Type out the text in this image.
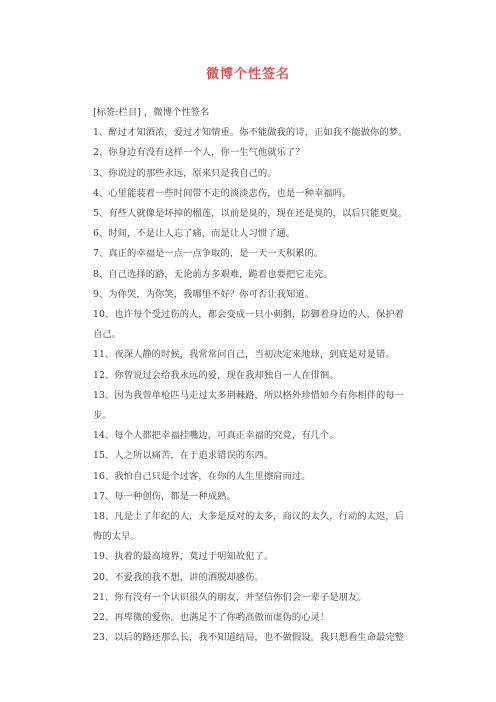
微博个性签名

[标签:栏目] ，微博个性签名

1、醉过才知酒浓，爱过才知情重。你不能做我的诗，正如我不能做你的梦。

2、你身边有没有这样一个人，你一生气他就乐了？

3、你说过的那些永远，原来只是我自己的。

4、心里能装着一些时间带不走的淡淡悲伤，也是一种幸福吗。

5、有些人就像是坏掉的榴莲，以前是臭的，现在还是臭的，以后只能更臭。

6、时间，不是让人忘了痛，而是让人习惯了通。

7、真正的幸福是一点一点争取的，是一天一天积累的。

8、自己选择的路，无论前方多艰难，跪着也要把它走完。

9、为你哭，为你笑，我哪里不好？你可否让我知道。

10、也许每个受过伤的人，都会变成一只小刺猬，防御着身边的人，保护着自己。

11、夜深人静的时候，我常常问自己，当初决定来地球，到底是对是错。

12、你曾说过会给我永远的爱，现在我却独自一人在徘徊。

13、因为我曾单枪匹马走过太多荆棘路，所以格外珍惜如今有你相伴的每一步。

14、每个人都把幸福挂嘴边，可真正幸福的究竟，有几个。

15、人之所以痛苦，在于追求错误的东西。

16、我怕自己只是个过客，在你的人生里擦肩而过。

17、每一种创伤，都是一种成熟。

18、凡是上了年纪的人，大多是反对的太多，商议的太久，行动的太迟，后悔的太早。

19、执着的最高境界，莫过于明知故犯了。

20、不爱我的我不想，讲的洒脱却感伤。

21、你有没有一个认识很久的朋友，并坚信你们会一辈子是朋友。

22、再卑微的爱你。也满足不了你哟高傲而虚伪的心灵！

23、以后的路还那么长，我不知道结局，也不做假设。我只想看生命最完整
